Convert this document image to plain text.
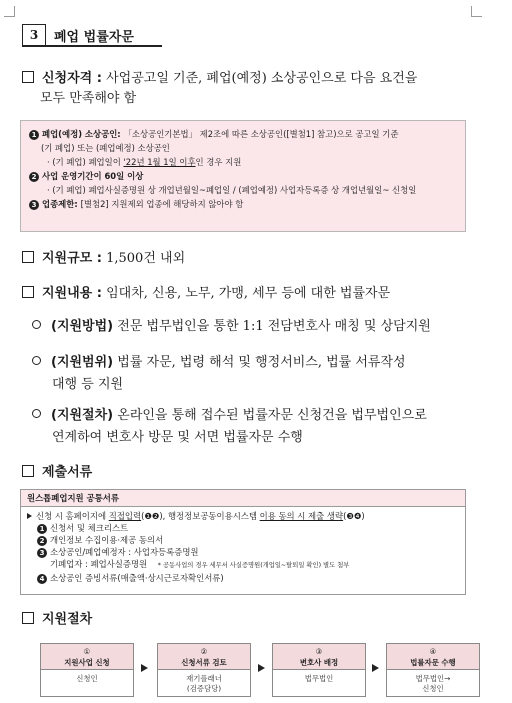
3	폐업 법률자문
신청자격 : 사업공고일 기준, 폐업(예정) 소상공인으로 다음 요건을
모두 만족해야 함
1 폐업(예정) 소상공인: 「소상공인기본법」 제2조에 따른 소상공인([별첨1] 참고)으로 공고일 기준
(기 폐업) 또는 (폐업예정) 소상공인
· (기 폐업) 폐업일이 '22년 1월 1일 이후인 경우 지원
2 사업 운영기간이 60일 이상
· (기 폐업) 폐업사실증명원 상 개업년월일~폐업일 / (폐업예정) 사업자등록증 상 개업년월일~ 신청일
3 업종제한: [별첨2] 지원제외 업종에 해당하지 않아야 함
지원규모 : 1,500건 내외
지원내용 : 임대차, 신용, 노무, 가맹, 세무 등에 대한 법률자문
(지원방법) 전문 법무법인을 통한 1:1 전담변호사 매칭 및 상담지원
(지원범위) 법률 자문, 법령 해석 및 행정서비스, 법률 서류작성
대행 등 지원
(지원절차) 온라인을 통해 접수된 법률자문 신청건을 법무법인으로
연계하여 변호사 방문 및 서면 법률자문 수행
제출서류
원스톱폐업지원 공통서류
신청 시 홈페이지에 직접입력(❶❷), 행정정보공동이용시스템 이용 동의 시 제출 생략(❸❹)
1 신청서 및 체크리스트
2 개인정보 수집이용·제공 동의서
3 소상공인/폐업예정자 : 사업자등록증명원
기폐업자 : 폐업사실증명원 * 공동사업의 경우 세무서 사실증명원(개업일~탈퇴일 확인) 별도 첨부
4 소상공인 증빙서류(매출액·상시근로자확인서류)
지원절차
①
지원사업 신청
신청인
②
신청서류 검토
재기플래너
(검증담당)
③
변호사 배정
법무법인
④
법률자문 수행
법무법인→
신청인
